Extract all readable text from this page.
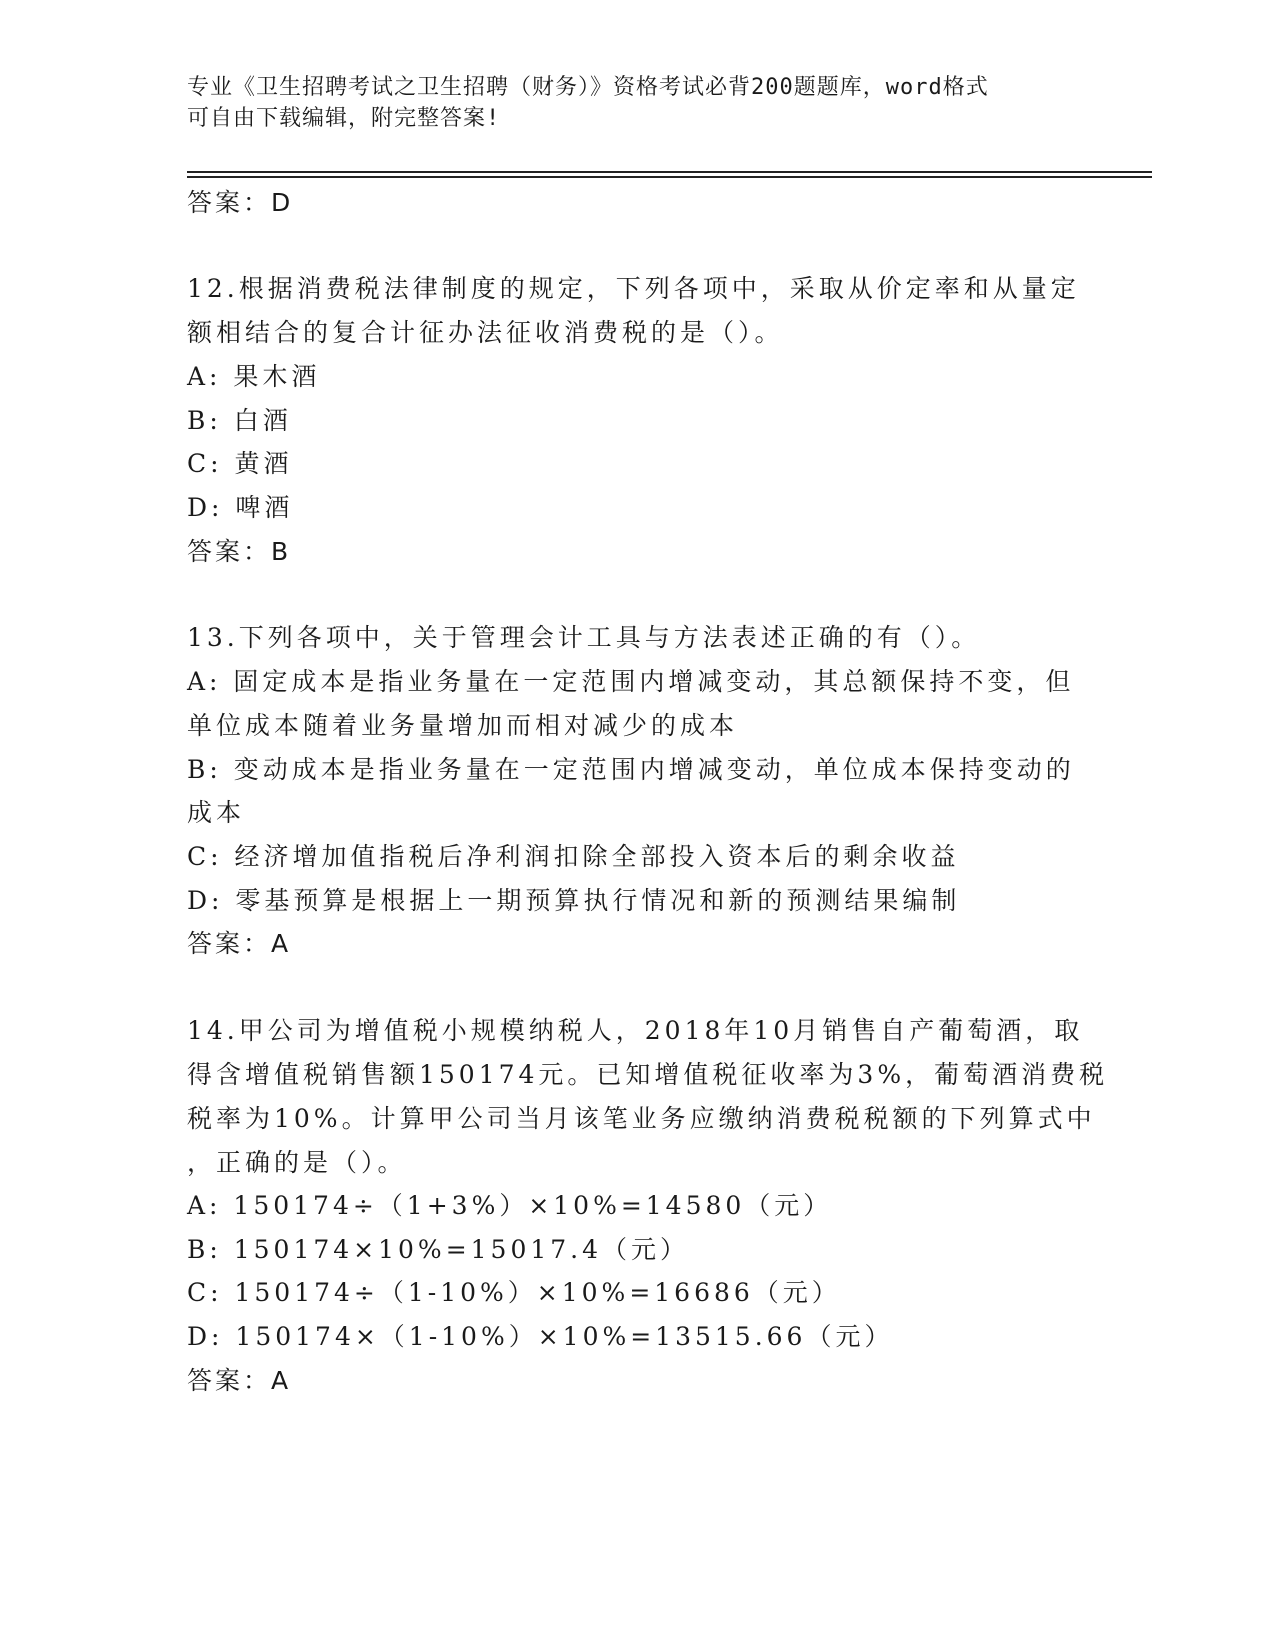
专业《卫生招聘考试之卫生招聘（财务）》资格考试必背200题题库，word格式
可自由下载编辑，附完整答案!
答案：D
12.根据消费税法律制度的规定，下列各项中，采取从价定率和从量定
额相结合的复合计征办法征收消费税的是（）。
A: 果木酒
B: 白酒
C: 黄酒
D: 啤酒
答案：B
13.下列各项中，关于管理会计工具与方法表述正确的有（）。
A: 固定成本是指业务量在一定范围内增减变动，其总额保持不变，但
单位成本随着业务量增加而相对减少的成本
B: 变动成本是指业务量在一定范围内增减变动，单位成本保持变动的
成本
C: 经济增加值指税后净利润扣除全部投入资本后的剩余收益
D: 零基预算是根据上一期预算执行情况和新的预测结果编制
答案：A
14.甲公司为增值税小规模纳税人，2018年10月销售自产葡萄酒，取
得含增值税销售额150174元。已知增值税征收率为3%，葡萄酒消费税
税率为10%。计算甲公司当月该笔业务应缴纳消费税税额的下列算式中
，正确的是（）。
A: 150174÷（1+3%）×10%=14580（元）
B: 150174×10%=15017.4（元）
C: 150174÷（1-10%）×10%=16686（元）
D: 150174×（1-10%）×10%=13515.66（元）
答案：A
